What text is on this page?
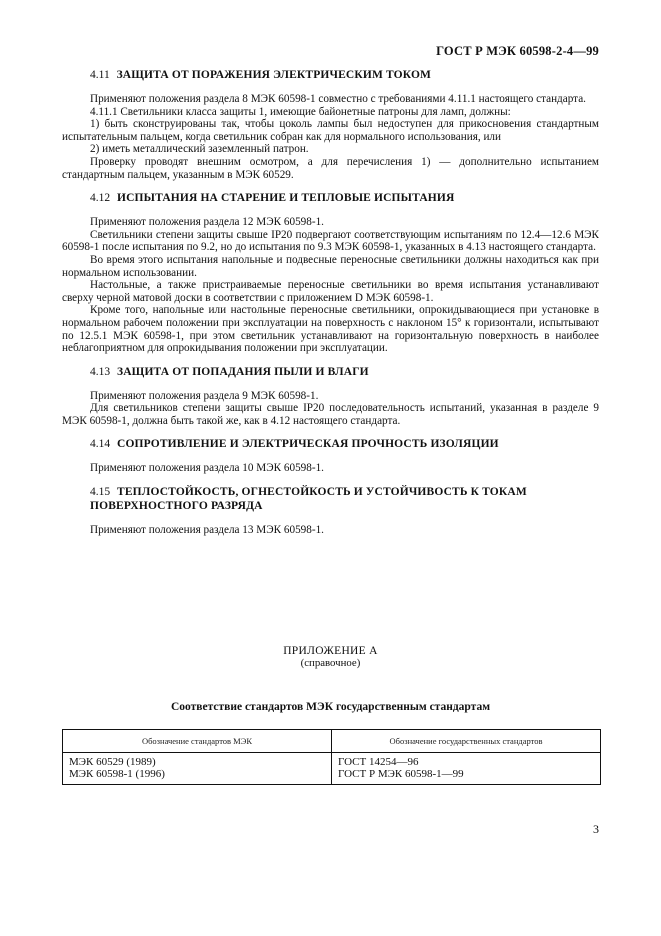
ГОСТ Р МЭК 60598-2-4—99
4.11 ЗАЩИТА ОТ ПОРАЖЕНИЯ ЭЛЕКТРИЧЕСКИМ ТОКОМ

Применяют положения раздела 8 МЭК 60598-1 совместно с требованиями 4.11.1 настоящего стандарта.

4.11.1 Светильники класса защиты 1, имеющие байонетные патроны для ламп, должны:

1) быть сконструированы так, чтобы цоколь лампы был недоступен для прикосновения стандартным испытательным пальцем, когда светильник собран как для нормального использования, или

2) иметь металлический заземленный патрон.

Проверку проводят внешним осмотром, а для перечисления 1) — дополнительно испытанием стандартным пальцем, указанным в МЭК 60529.

4.12 ИСПЫТАНИЯ НА СТАРЕНИЕ И ТЕПЛОВЫЕ ИСПЫТАНИЯ

Применяют положения раздела 12 МЭК 60598-1.

Светильники степени защиты свыше IP20 подвергают соответствующим испытаниям по 12.4—12.6 МЭК 60598-1 после испытания по 9.2, но до испытания по 9.3 МЭК 60598-1, указанных в 4.13 настоящего стандарта.

Во время этого испытания напольные и подвесные переносные светильники должны находиться как при нормальном использовании.

Настольные, а также пристраиваемые переносные светильники во время испытания устанавливают сверху черной матовой доски в соответствии с приложением D МЭК 60598-1.

Кроме того, напольные или настольные переносные светильники, опрокидывающиеся при установке в нормальном рабочем положении при эксплуатации на поверхность с наклоном 15° к горизонтали, испытывают по 12.5.1 МЭК 60598-1, при этом светильник устанавливают на горизонтальную поверхность в наиболее неблагоприятном для опрокидывания положении при эксплуатации.

4.13 ЗАЩИТА ОТ ПОПАДАНИЯ ПЫЛИ И ВЛАГИ

Применяют положения раздела 9 МЭК 60598-1.

Для светильников степени защиты свыше IP20 последовательность испытаний, указанная в разделе 9 МЭК 60598-1, должна быть такой же, как в 4.12 настоящего стандарта.

4.14 СОПРОТИВЛЕНИЕ И ЭЛЕКТРИЧЕСКАЯ ПРОЧНОСТЬ ИЗОЛЯЦИИ

Применяют положения раздела 10 МЭК 60598-1.

4.15 ТЕПЛОСТОЙКОСТЬ, ОГНЕСТОЙКОСТЬ И УСТОЙЧИВОСТЬ К ТОКАМ
ПОВЕРХНОСТНОГО РАЗРЯДА

Применяют положения раздела 13 МЭК 60598-1.

ПРИЛОЖЕНИЕ А
(справочное)
Соответствие стандартов МЭК государственным стандартам
Обозначение стандартов МЭК	Обозначение государственных стандартов
МЭК 60529 (1989)
МЭК 60598-1 (1996)
ГОСТ 14254—96
ГОСТ Р МЭК 60598-1—99
3
